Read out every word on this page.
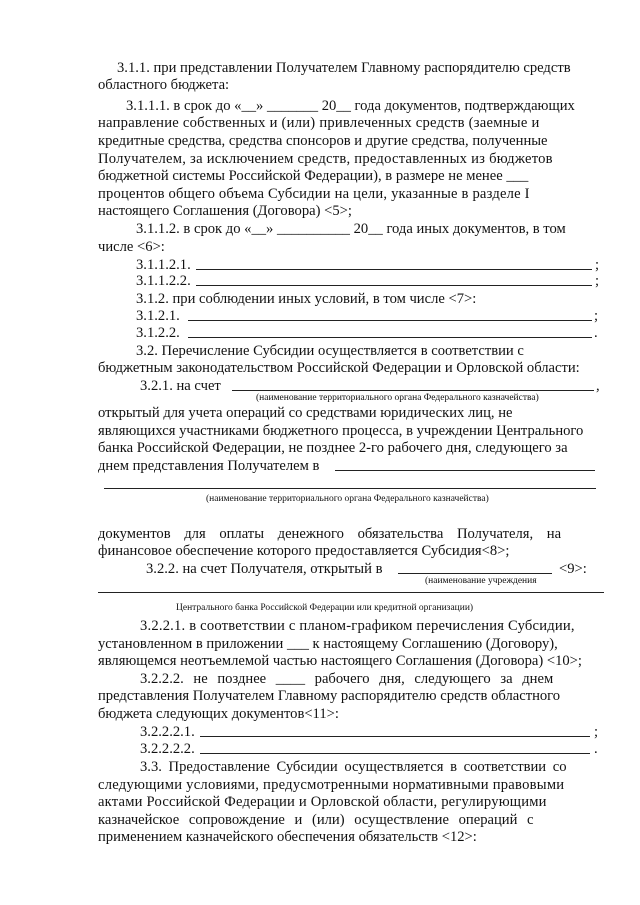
3.1.1. при представлении Получателем Главному распорядителю средств
областного бюджета:
3.1.1.1. в срок до «__» _______ 20__ года документов, подтверждающих
направление собственных и (или) привлеченных средств (заемные и
кредитные средства, средства спонсоров и другие средства, полученные
Получателем, за исключением средств, предоставленных из бюджетов
бюджетной системы Российской Федерации), в размере не менее ___
процентов общего объема Субсидии на цели, указанные в разделе I
настоящего Соглашения (Договора) <5>;
3.1.1.2. в срок до «__» __________ 20__ года иных документов, в том
числе <6>:
3.1.1.2.1.	;
3.1.1.2.2.	;
3.1.2. при соблюдении иных условий, в том числе <7>:
3.1.2.1.	;
3.1.2.2.	.
3.2. Перечисление Субсидии осуществляется в соответствии с
бюджетным законодательством Российской Федерации и Орловской области:
3.2.1. на счет	,
(наименование территориального органа Федерального казначейства)
открытый для учета операций со средствами юридических лиц, не
являющихся участниками бюджетного процесса, в учреждении Центрального
банка Российской Федерации, не позднее 2-го рабочего дня, следующего за
днем представления Получателем в
(наименование территориального органа Федерального казначейства)
документов для оплаты денежного обязательства Получателя, на
финансовое обеспечение которого предоставляется Субсидия<8>;
3.2.2. на счет Получателя, открытый в	<9>:
(наименование учреждения
Центрального банка Российской Федерации или кредитной организации)
3.2.2.1. в соответствии с планом-графиком перечисления Субсидии,
установленном в приложении ___ к настоящему Соглашению (Договору),
являющемся неотъемлемой частью настоящего Соглашения (Договора) <10>;
3.2.2.2. не позднее ____ рабочего дня, следующего за днем
представления Получателем Главному распорядителю средств областного
бюджета следующих документов<11>:
3.2.2.2.1.	;
3.2.2.2.2.	.
3.3. Предоставление Субсидии осуществляется в соответствии со
следующими условиями, предусмотренными нормативными правовыми
актами Российской Федерации и Орловской области, регулирующими
казначейское сопровождение и (или) осуществление операций с
применением казначейского обеспечения обязательств <12>:
